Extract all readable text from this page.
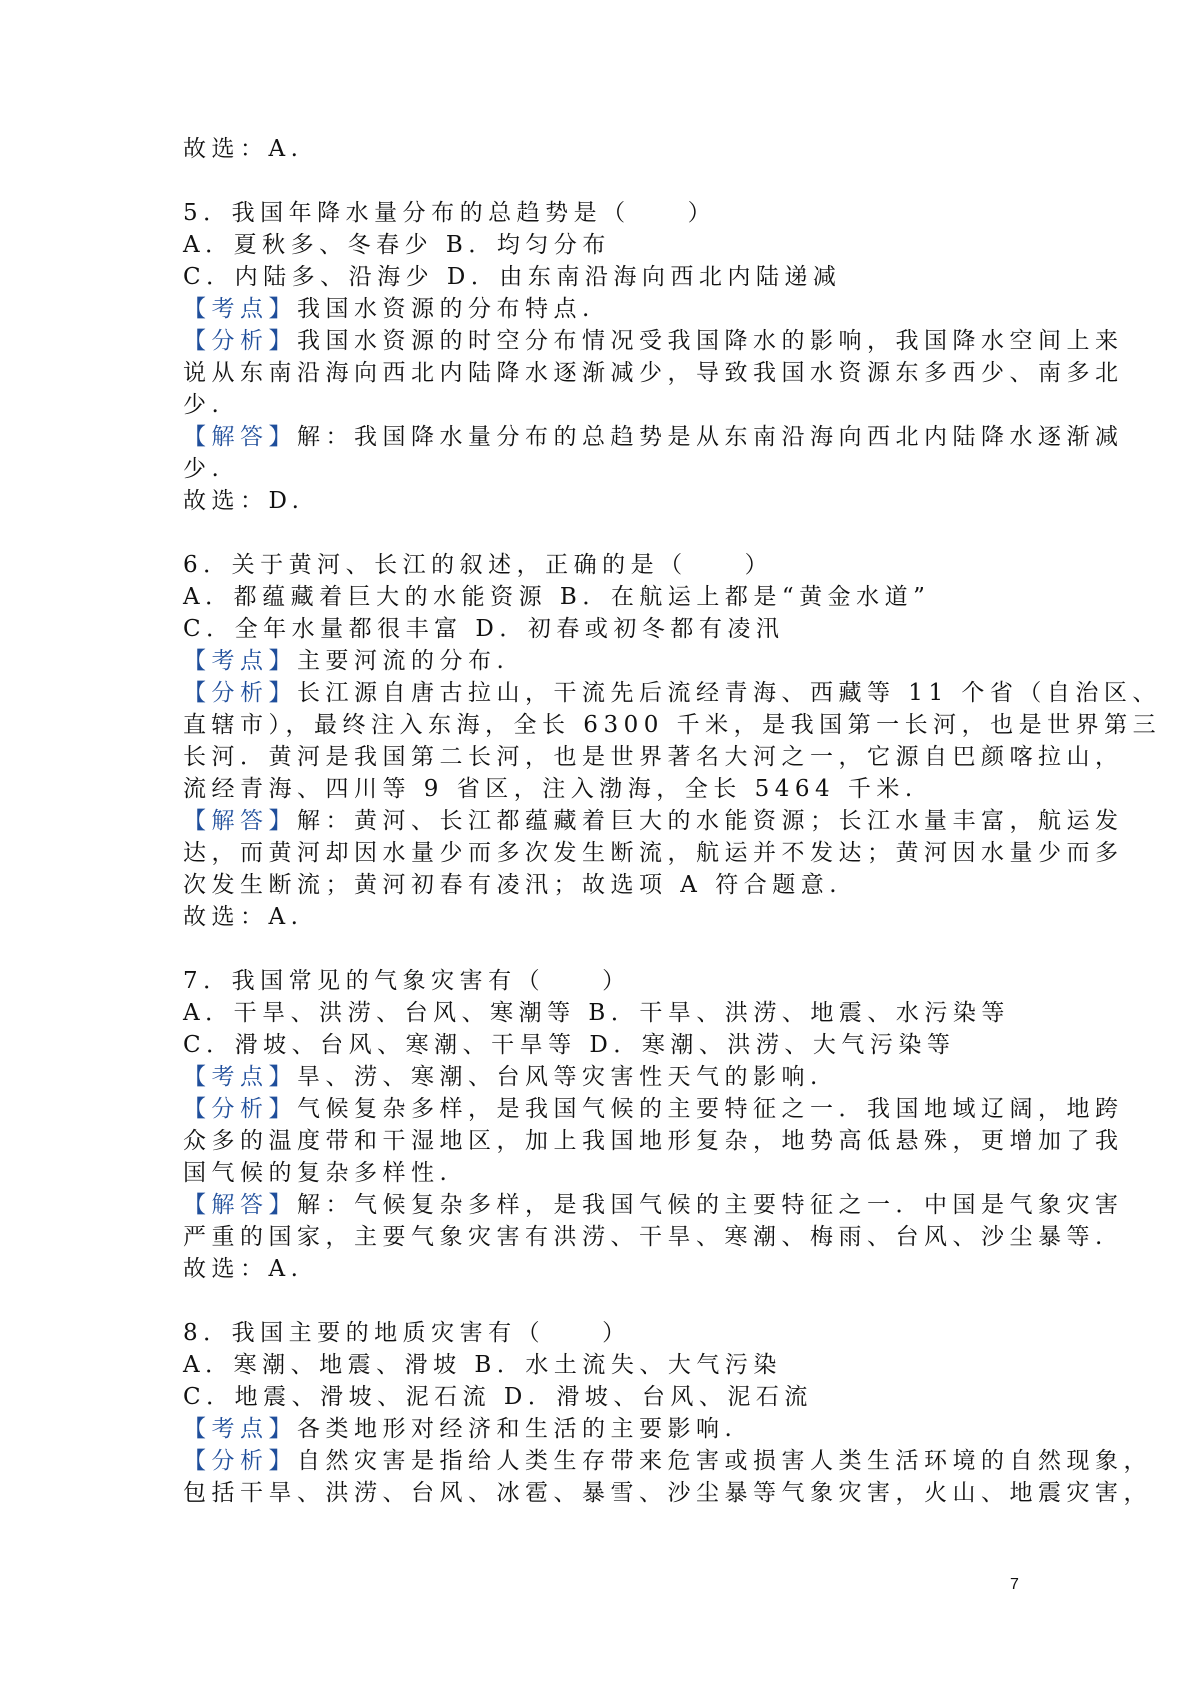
故选：A.
5．我国年降水量分布的总趋势是（　　）
A．夏秋多、冬春少 B．均匀分布
C．内陆多、沿海少 D．由东南沿海向西北内陆递减
【考点】我国水资源的分布特点.
【分析】我国水资源的时空分布情况受我国降水的影响，我国降水空间上来
说从东南沿海向西北内陆降水逐渐减少，导致我国水资源东多西少、南多北
少.
【解答】解：我国降水量分布的总趋势是从东南沿海向西北内陆降水逐渐减
少.
故选：D.
6．关于黄河、长江的叙述，正确的是（　　）
A．都蕴藏着巨大的水能资源 B．在航运上都是“黄金水道”
C．全年水量都很丰富 D．初春或初冬都有凌汛
【考点】主要河流的分布.
【分析】长江源自唐古拉山，干流先后流经青海、西藏等 11 个省（自治区、
直辖市），最终注入东海，全长 6300 千米，是我国第一长河，也是世界第三
长河．黄河是我国第二长河，也是世界著名大河之一，它源自巴颜喀拉山，
流经青海、四川等 9 省区，注入渤海，全长 5464 千米.
【解答】解：黄河、长江都蕴藏着巨大的水能资源；长江水量丰富，航运发
达，而黄河却因水量少而多次发生断流，航运并不发达；黄河因水量少而多
次发生断流；黄河初春有凌汛；故选项 A 符合题意.
故选：A.
7．我国常见的气象灾害有（　　）
A．干旱、洪涝、台风、寒潮等 B．干旱、洪涝、地震、水污染等
C．滑坡、台风、寒潮、干旱等 D．寒潮、洪涝、大气污染等
【考点】旱、涝、寒潮、台风等灾害性天气的影响.
【分析】气候复杂多样，是我国气候的主要特征之一．我国地域辽阔，地跨
众多的温度带和干湿地区，加上我国地形复杂，地势高低悬殊，更增加了我
国气候的复杂多样性.
【解答】解：气候复杂多样，是我国气候的主要特征之一．中国是气象灾害
严重的国家，主要气象灾害有洪涝、干旱、寒潮、梅雨、台风、沙尘暴等.
故选：A.
8．我国主要的地质灾害有（　　）
A．寒潮、地震、滑坡 B．水土流失、大气污染
C．地震、滑坡、泥石流 D．滑坡、台风、泥石流
【考点】各类地形对经济和生活的主要影响.
【分析】自然灾害是指给人类生存带来危害或损害人类生活环境的自然现象，
包括干旱、洪涝、台风、冰雹、暴雪、沙尘暴等气象灾害，火山、地震灾害，
7
